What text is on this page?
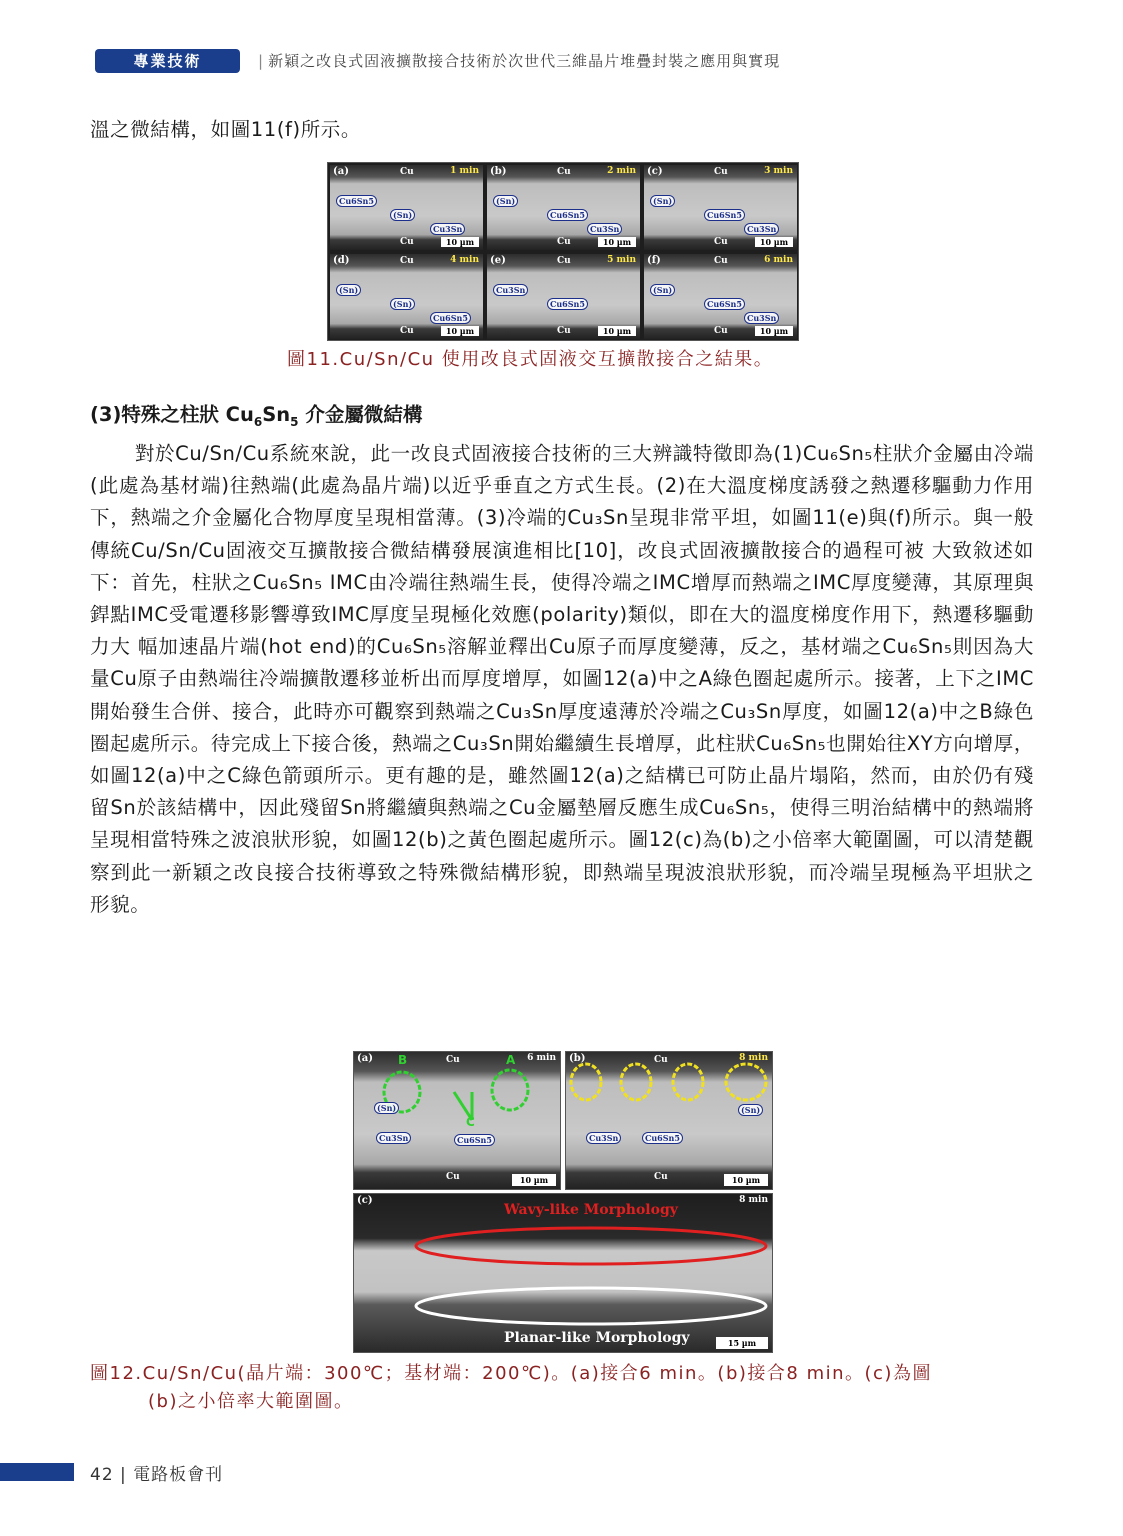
專業技術	| 新穎之改良式固液擴散接合技術於次世代三維晶片堆疊封裝之應用與實現
溫之微結構，如圖11(f)所示。
(a)	1 min
Cu
Cu	10 µm
Cu6Sn5
(Sn)
Cu3Sn
(b)	2 min
Cu
Cu	10 µm
(Sn)
Cu6Sn5
Cu3Sn
(c)	3 min
Cu
Cu	10 µm
(Sn)
Cu6Sn5
Cu3Sn
(d)	4 min
Cu
Cu	10 µm
(Sn)
(Sn)
Cu6Sn5
(e)	5 min
Cu
Cu	10 µm
Cu3Sn
Cu6Sn5
(f)	6 min
Cu
Cu	10 µm
(Sn)
Cu6Sn5
Cu3Sn
圖11.Cu/Sn/Cu 使用改良式固液交互擴散接合之結果。
(3)特殊之柱狀 $Cu_6Sn_5$ 介金屬微結構
對於Cu/Sn/Cu系統來說，此一改良式固液接合技術的三大辨識特徵即為(1)Cu₆Sn₅柱狀介金屬由冷端(此處為基材端)往熱端(此處為晶片端)以近乎垂直之方式生長。(2)在大溫度梯度誘發之熱遷移驅動力作用下，熱端之介金屬化合物厚度呈現相當薄。(3)冷端的Cu₃Sn呈現非常平坦，如圖11(e)與(f)所示。與一般傳統Cu/Sn/Cu固液交互擴散接合微結構發展演進相比[10]，改良式固液擴散接合的過程可被 大致敘述如下：首先，柱狀之Cu₆Sn₅ IMC由冷端往熱端生長，使得冷端之IMC增厚而熱端之IMC厚度變薄，其原理與銲點IMC受電遷移影響導致IMC厚度呈現極化效應(polarity)類似，即在大的溫度梯度作用下，熱遷移驅動力大 幅加速晶片端(hot end)的Cu₆Sn₅溶解並釋出Cu原子而厚度變薄，反之，基材端之Cu₆Sn₅則因為大量Cu原子由熱端往冷端擴散遷移並析出而厚度增厚，如圖12(a)中之A綠色圈起處所示。接著，上下之IMC開始發生合併、接合，此時亦可觀察到熱端之Cu₃Sn厚度遠薄於冷端之Cu₃Sn厚度，如圖12(a)中之B綠色圈起處所示。待完成上下接合後，熱端之Cu₃Sn開始繼續生長增厚，此柱狀Cu₆Sn₅也開始往XY方向增厚，如圖12(a)中之C綠色箭頭所示。更有趣的是，雖然圖12(a)之結構已可防止晶片塌陷，然而，由於仍有殘留Sn於該結構中，因此殘留Sn將繼續與熱端之Cu金屬墊層反應生成Cu₆Sn₅，使得三明治結構中的熱端將呈現相當特殊之波浪狀形貌，如圖12(b)之黃色圈起處所示。圖12(c)為(b)之小倍率大範圍圖，可以清楚觀察到此一新穎之改良接合技術導致之特殊微結構形貌，即熱端呈現波浪狀形貌，而冷端呈現極為平坦狀之形貌。
(a)	6 min
Cu
Cu	10 µm
B	A
C
(Sn)
Cu3Sn	Cu6Sn5
(b)	8 min
Cu
Cu	10 µm
(Sn)
Cu3Sn	Cu6Sn5
(c)	8 min
Wavy-like Morphology
Planar-like Morphology	15 µm
圖12.Cu/Sn/Cu(晶片端：300℃；基材端：200℃)。(a)接合6 min。(b)接合8 min。(c)為圖
(b)之小倍率大範圍圖。
42 | 電路板會刊
